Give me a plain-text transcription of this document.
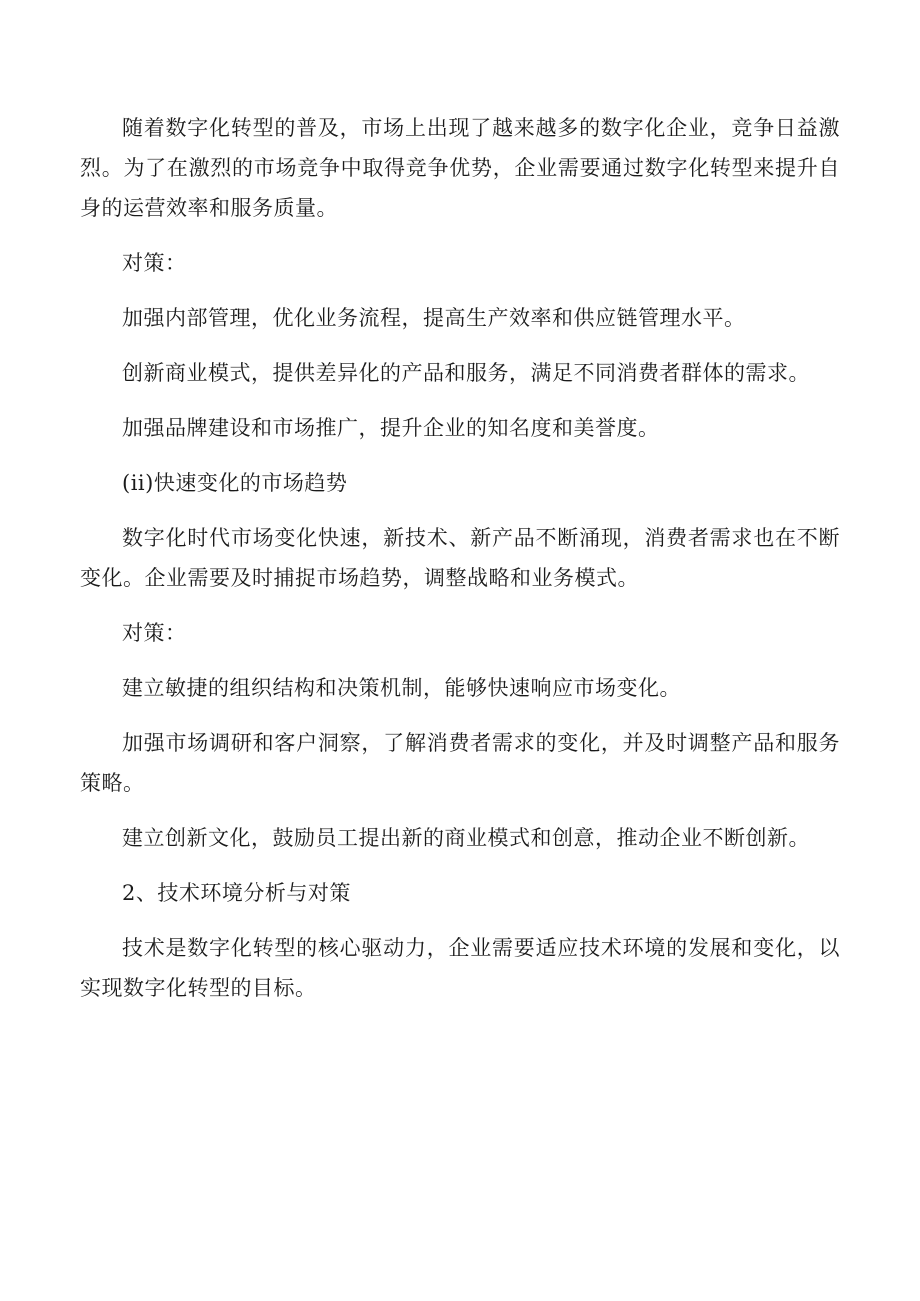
随着数字化转型的普及，市场上出现了越来越多的数字化企业，竞争日益激烈。为了在激烈的市场竞争中取得竞争优势，企业需要通过数字化转型来提升自身的运营效率和服务质量。

对策：

加强内部管理，优化业务流程，提高生产效率和供应链管理水平。

创新商业模式，提供差异化的产品和服务，满足不同消费者群体的需求。

加强品牌建设和市场推广，提升企业的知名度和美誉度。

(ii)快速变化的市场趋势

数字化时代市场变化快速，新技术、新产品不断涌现，消费者需求也在不断变化。企业需要及时捕捉市场趋势，调整战略和业务模式。

对策：

建立敏捷的组织结构和决策机制，能够快速响应市场变化。

加强市场调研和客户洞察，了解消费者需求的变化，并及时调整产品和服务策略。

建立创新文化，鼓励员工提出新的商业模式和创意，推动企业不断创新。

2、技术环境分析与对策

技术是数字化转型的核心驱动力，企业需要适应技术环境的发展和变化，以实现数字化转型的目标。
